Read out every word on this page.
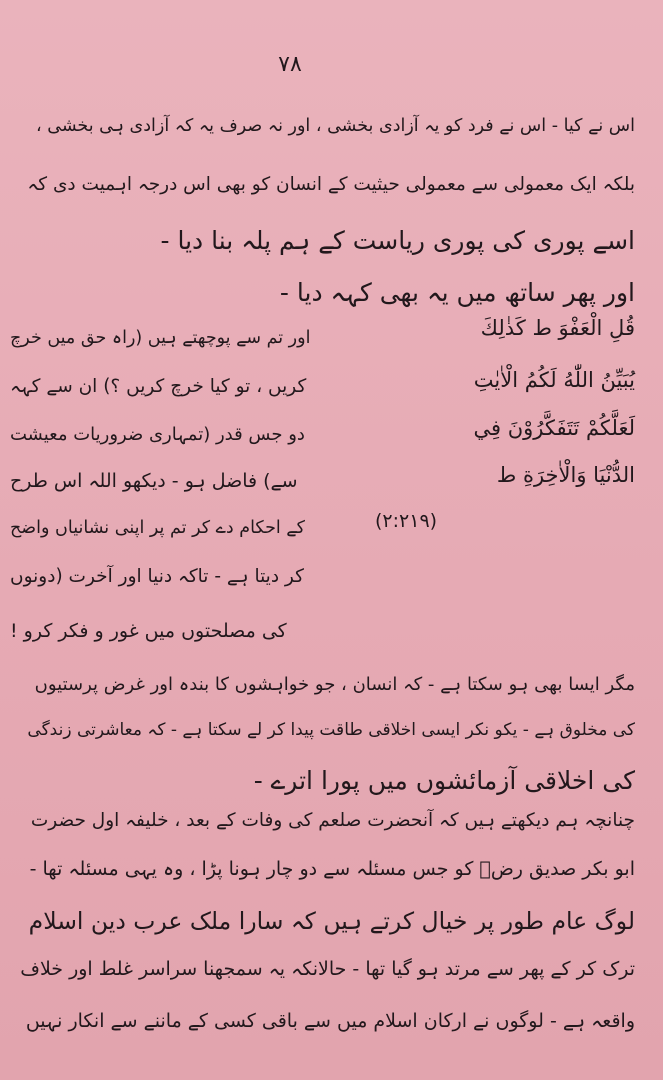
۷۸
اس نے کیا - اس نے فرد کو یہ آزادی بخشی ، اور نہ صرف یہ کہ آزادی ہی بخشی ،
بلکہ ایک معمولی سے معمولی حیثیت کے انسان کو بھی اس درجہ اہمیت دی کہ
اسے پوری کی پوری ریاست کے ہم پلہ بنا دیا -
اور پھر ساتھ میں یہ بھی کہہ دیا -
قُلِ الْعَفْوَ ط كَذٰلِكَ
يُبَيِّنُ اللّٰهُ لَكُمُ الْاٰيٰتِ
لَعَلَّكُمْ تَتَفَكَّرُوْنَ فِي
الدُّنْيَا وَالْاٰخِرَةِ ط
(۲:۲۱۹)
اور تم سے پوچھتے ہیں (راہ حق میں خرچ
کریں ، تو کیا خرچ کریں ؟) ان سے کہہ
دو جس قدر (تمہاری ضروریات معیشت
سے) فاضل ہو - دیکھو اللہ اس طرح
کے احکام دے کر تم پر اپنی نشانیاں واضح
کر دیتا ہے - تاکہ دنیا اور آخرت (دونوں
کی مصلحتوں میں غور و فکر کرو !
مگر ایسا بھی ہو سکتا ہے - کہ انسان ، جو خواہشوں کا بندہ اور غرض پرستیوں
کی مخلوق ہے - یکو نکر ایسی اخلاقی طاقت پیدا کر لے سکتا ہے - کہ معاشرتی زندگی
کی اخلاقی آزمائشوں میں پورا اترے -
چنانچہ ہم دیکھتے ہیں کہ آنحضرت صلعم کی وفات کے بعد ، خلیفہ اول حضرت
ابو بکر صدیق رضؓ کو جس مسئلہ سے دو چار ہونا پڑا ، وہ یہی مسئلہ تھا -
لوگ عام طور پر خیال کرتے ہیں کہ سارا ملک عرب دین اسلام
ترک کر کے پھر سے مرتد ہو گیا تھا - حالانکہ یہ سمجھنا سراسر غلط اور خلاف
واقعہ ہے - لوگوں نے ارکان اسلام میں سے باقی کسی کے ماننے سے انکار نہیں
